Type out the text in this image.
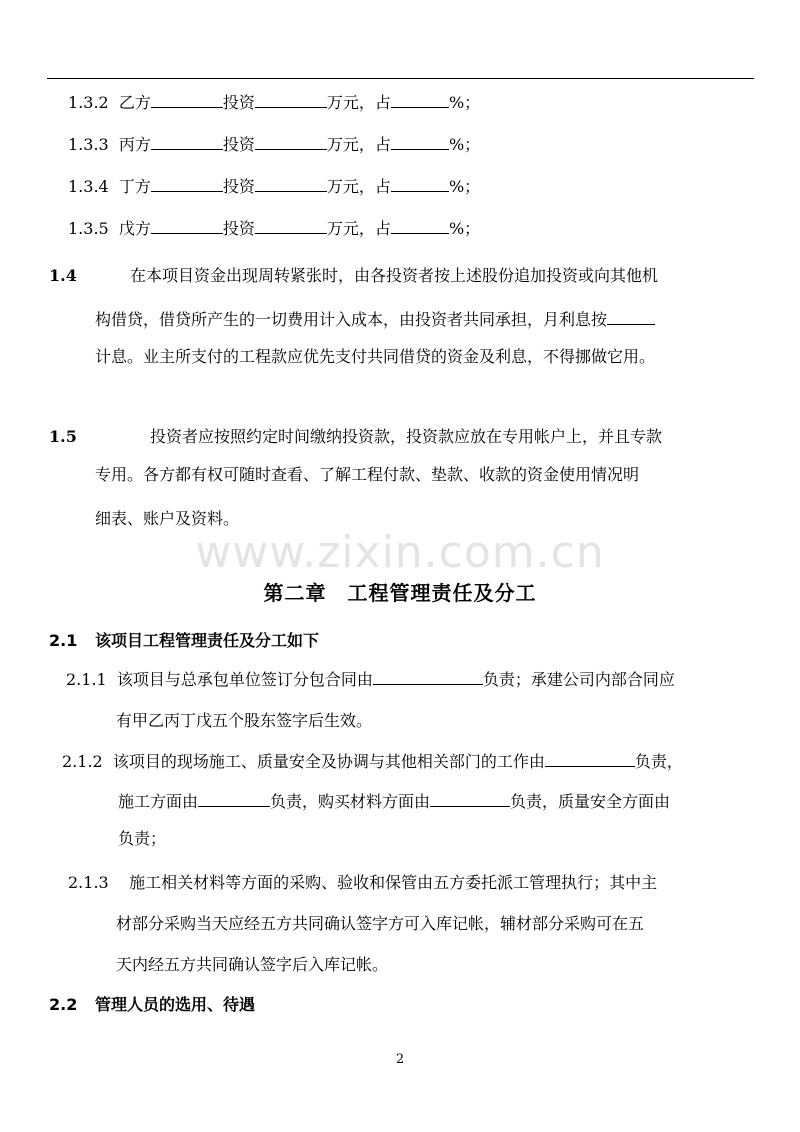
1.3.2 乙方	投资	万元，占	%；
1.3.3 丙方	投资	万元，占	%；
1.3.4 丁方	投资	万元，占	%；
1.3.5 戊方	投资	万元，占	%；
1.4	在本项目资金出现周转紧张时，由各投资者按上述股份追加投资或向其他机
构借贷，借贷所产生的一切费用计入成本，由投资者共同承担，月利息按
计息。业主所支付的工程款应优先支付共同借贷的资金及利息，不得挪做它用。
1.5	投资者应按照约定时间缴纳投资款，投资款应放在专用帐户上，并且专款
专用。各方都有权可随时查看、了解工程付款、垫款、收款的资金使用情况明
细表、账户及资料。
www.zixin.com.cn
第二章　工程管理责任及分工
2.1 该项目工程管理责任及分工如下
2.1.1 该项目与总承包单位签订分包合同由	负责；承建公司内部合同应
有甲乙丙丁戊五个股东签字后生效。
2.1.2 该项目的现场施工、质量安全及协调与其他相关部门的工作由	负责，
施工方面由	负责，购买材料方面由	负责，质量安全方面由
负责；
2.1.3 施工相关材料等方面的采购、验收和保管由五方委托派工管理执行；其中主
材部分采购当天应经五方共同确认签字方可入库记帐，辅材部分采购可在五
天内经五方共同确认签字后入库记帐。
2.2 管理人员的选用、待遇
2
